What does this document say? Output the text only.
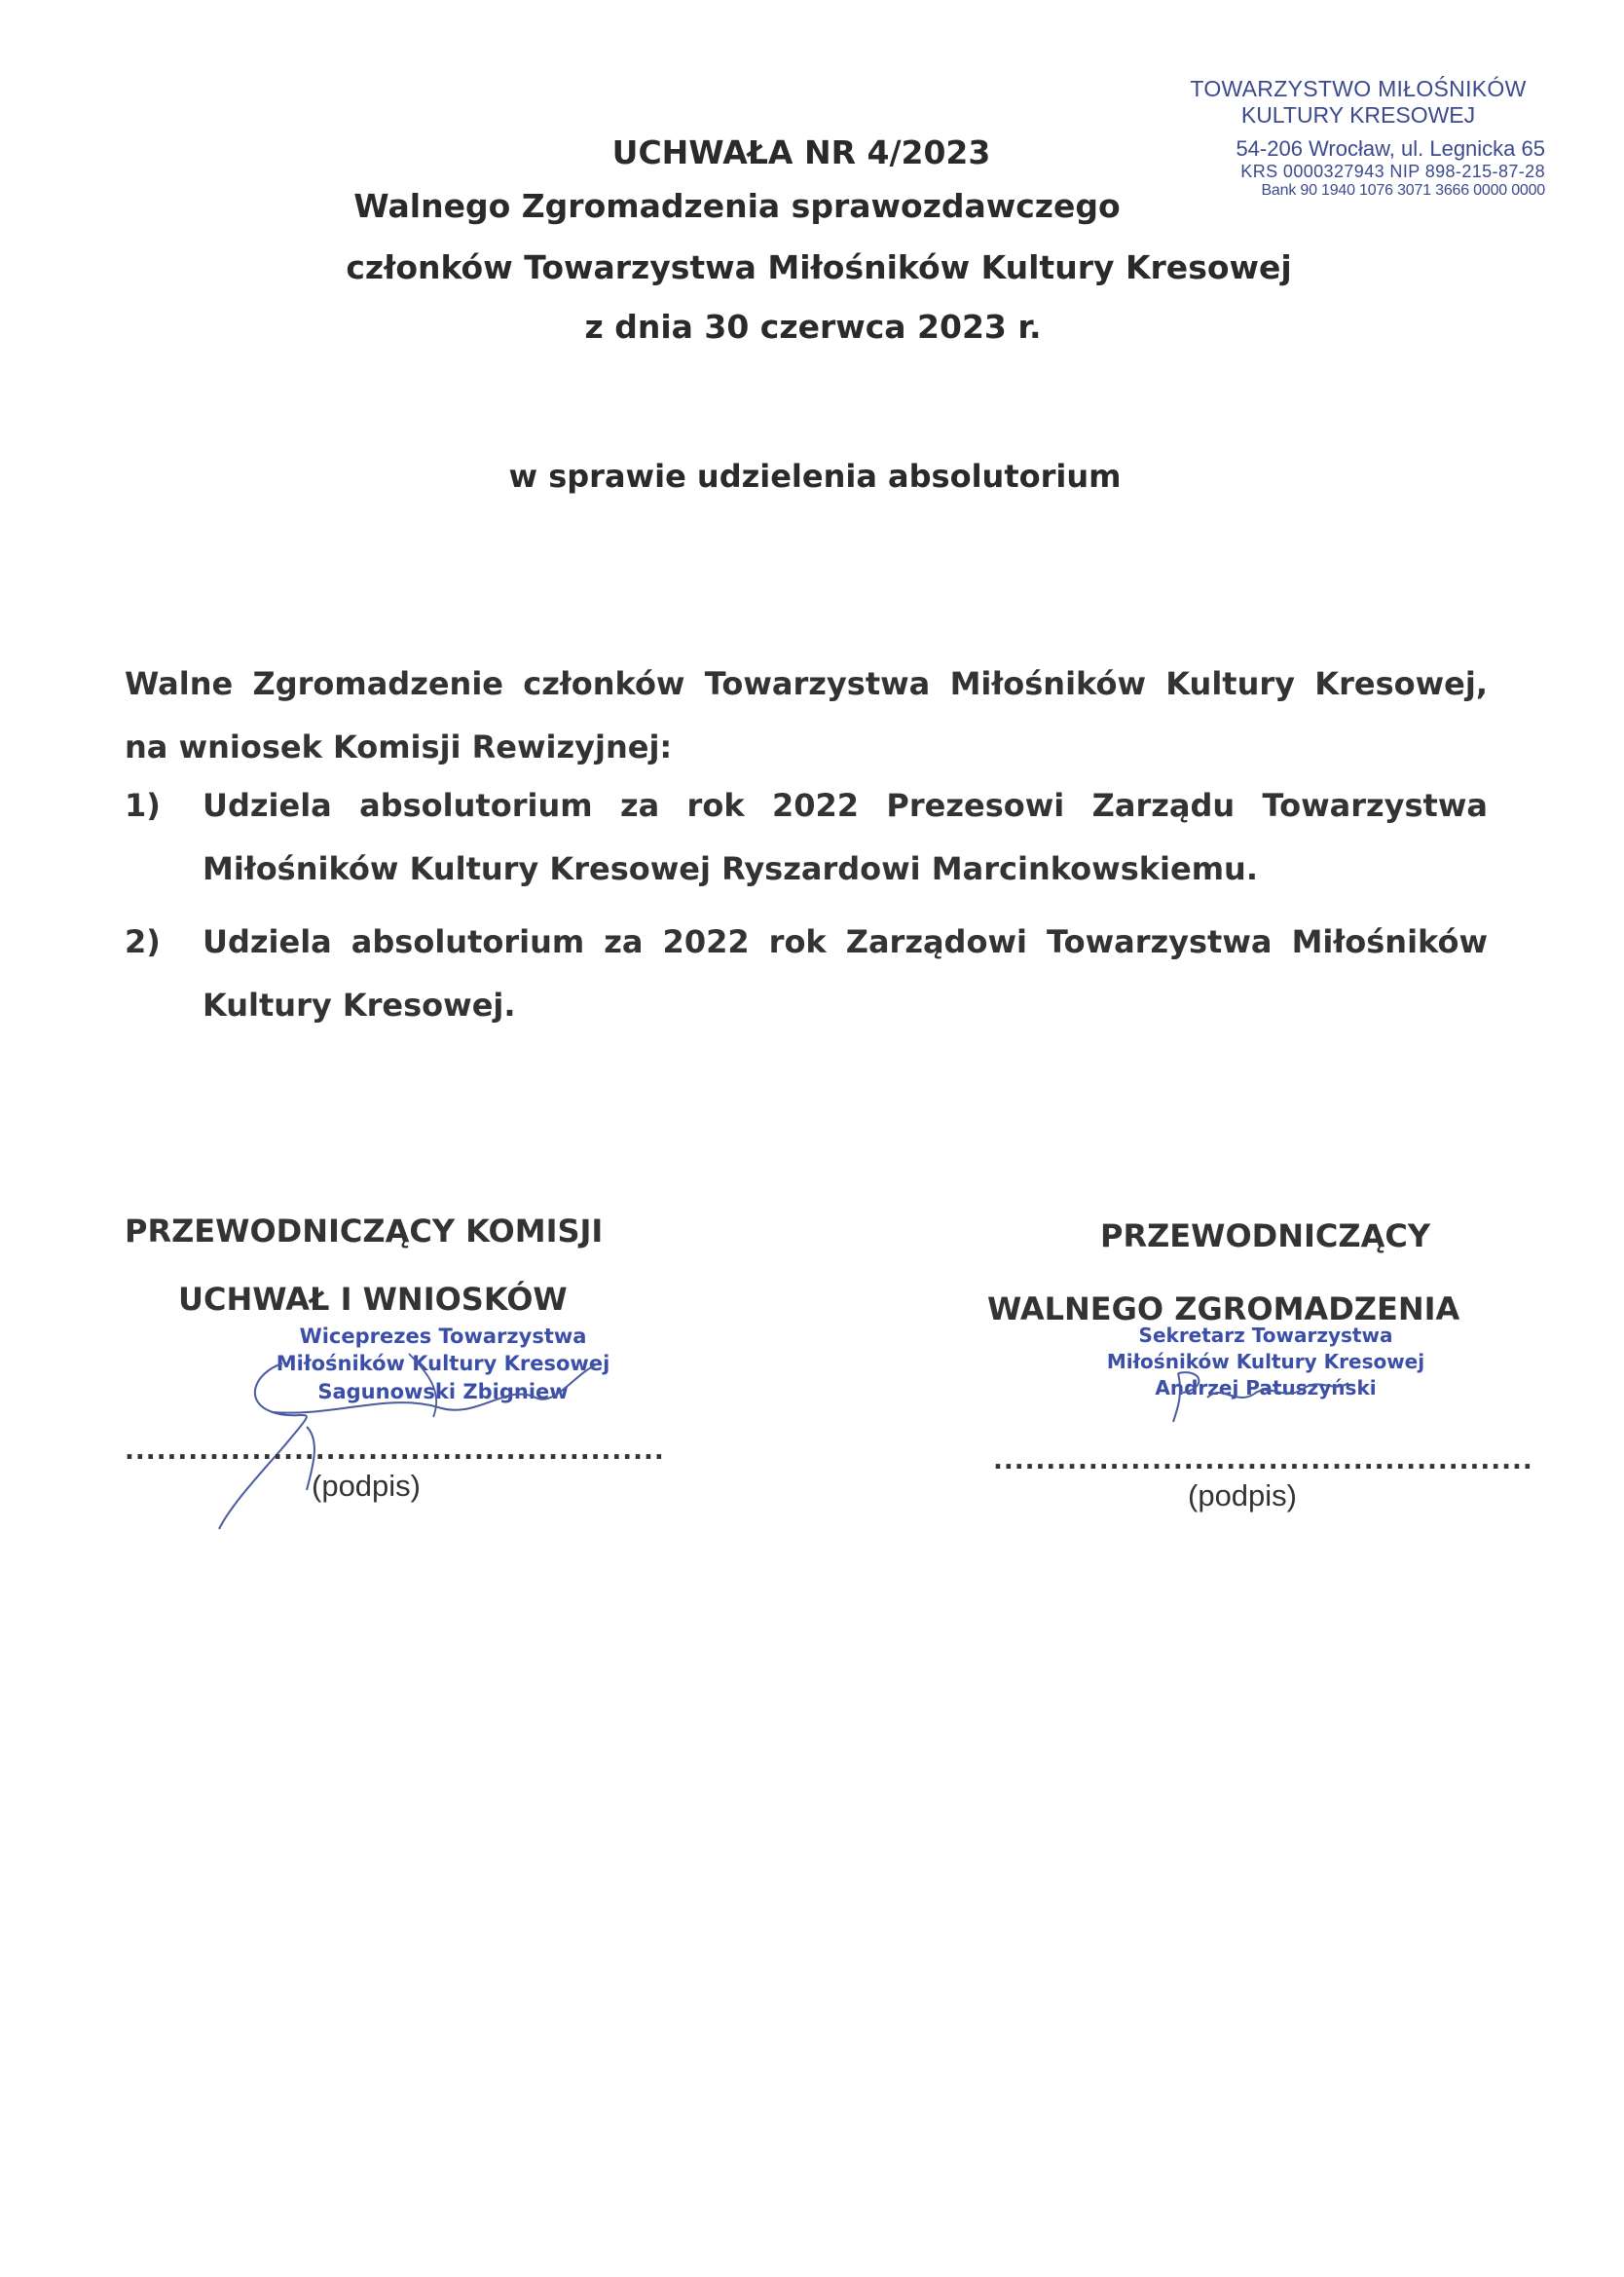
TOWARZYSTWO MIŁOŚNIKÓW
KULTURY KRESOWEJ
54-206 Wrocław, ul. Legnicka 65
KRS 0000327943 NIP 898-215-87-28
Bank 90 1940 1076 3071 3666 0000 0000
UCHWAŁA NR 4/2023
Walnego Zgromadzenia sprawozdawczego
członków Towarzystwa Miłośników Kultury Kresowej
z dnia 30 czerwca 2023 r.
w sprawie udzielenia absolutorium
Walne Zgromadzenie członków Towarzystwa Miłośników Kultury Kresowej, na wniosek Komisji Rewizyjnej:
1) Udziela absolutorium za rok 2022 Prezesowi Zarządu Towarzystwa Miłośników Kultury Kresowej Ryszardowi Marcinkowskiemu.
2) Udziela absolutorium za 2022 rok Zarządowi Towarzystwa Miłośników Kultury Kresowej.
PRZEWODNICZĄCY KOMISJI
UCHWAŁ I WNIOSKÓW
Wiceprezes Towarzystwa
Miłośników Kultury Kresowej
Sagunowski Zbigniew
...................................................
(podpis)
PRZEWODNICZĄCY
WALNEGO ZGROMADZENIA
Sekretarz Towarzystwa
Miłośników Kultury Kresowej
Andrzej Patuszyński
...................................................
(podpis)
